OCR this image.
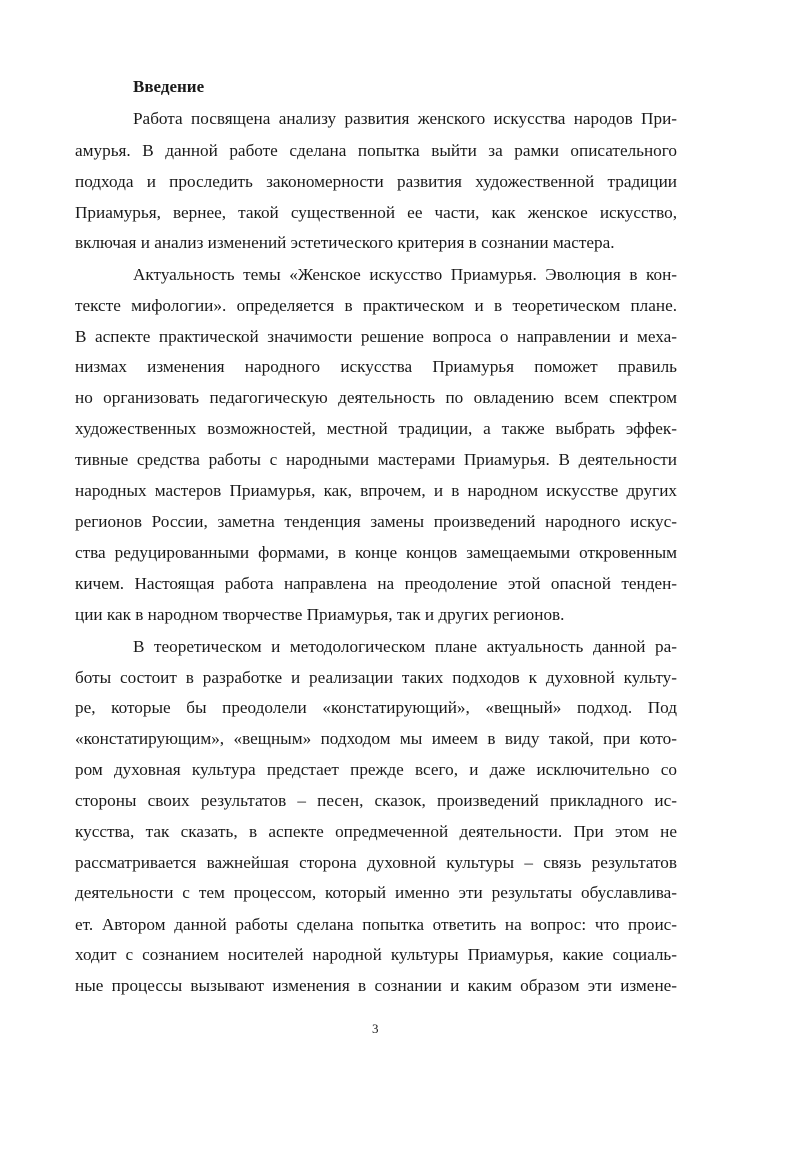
Введение

Работа посвящена анализу развития женского искусства народов При-

амурья. В данной работе сделана попытка выйти за рамки описательного

подхода и проследить закономерности развития художественной традиции

Приамурья, вернее, такой существенной ее части, как женское искусство,

включая и анализ изменений эстетического критерия в сознании мастера.

Актуальность темы «Женское искусство Приамурья. Эволюция в кон-

тексте мифологии». определяется в практическом и в теоретическом плане.

В аспекте практической значимости решение вопроса о направлении и меха-

низмах изменения народного искусства Приамурья поможет правиль

но организовать педагогическую деятельность по овладению всем спектром

художественных возможностей, местной традиции, а также выбрать эффек-

тивные средства работы с народными мастерами Приамурья. В деятельности

народных мастеров Приамурья, как, впрочем, и в народном искусстве других

регионов России, заметна тенденция замены произведений народного искус-

ства редуцированными формами, в конце концов замещаемыми откровенным

кичем. Настоящая работа направлена на преодоление этой опасной тенден-

ции как в народном творчестве Приамурья, так и других регионов.

В теоретическом и методологическом плане актуальность данной ра-

боты состоит в разработке и реализации таких подходов к духовной культу-

ре, которые бы преодолели «констатирующий», «вещный» подход. Под

«констатирующим», «вещным» подходом мы имеем в виду такой, при кото-

ром духовная культура предстает прежде всего, и даже исключительно со

стороны своих результатов – песен, сказок, произведений прикладного ис-

кусства, так сказать, в аспекте опредмеченной деятельности. При этом не

рассматривается важнейшая сторона духовной культуры – связь результатов

деятельности с тем процессом, который именно эти результаты обуславлива-

ет. Автором данной работы сделана попытка ответить на вопрос: что проис-

ходит с сознанием носителей народной культуры Приамурья, какие социаль-

ные процессы вызывают изменения в сознании и каким образом эти измене-

3
